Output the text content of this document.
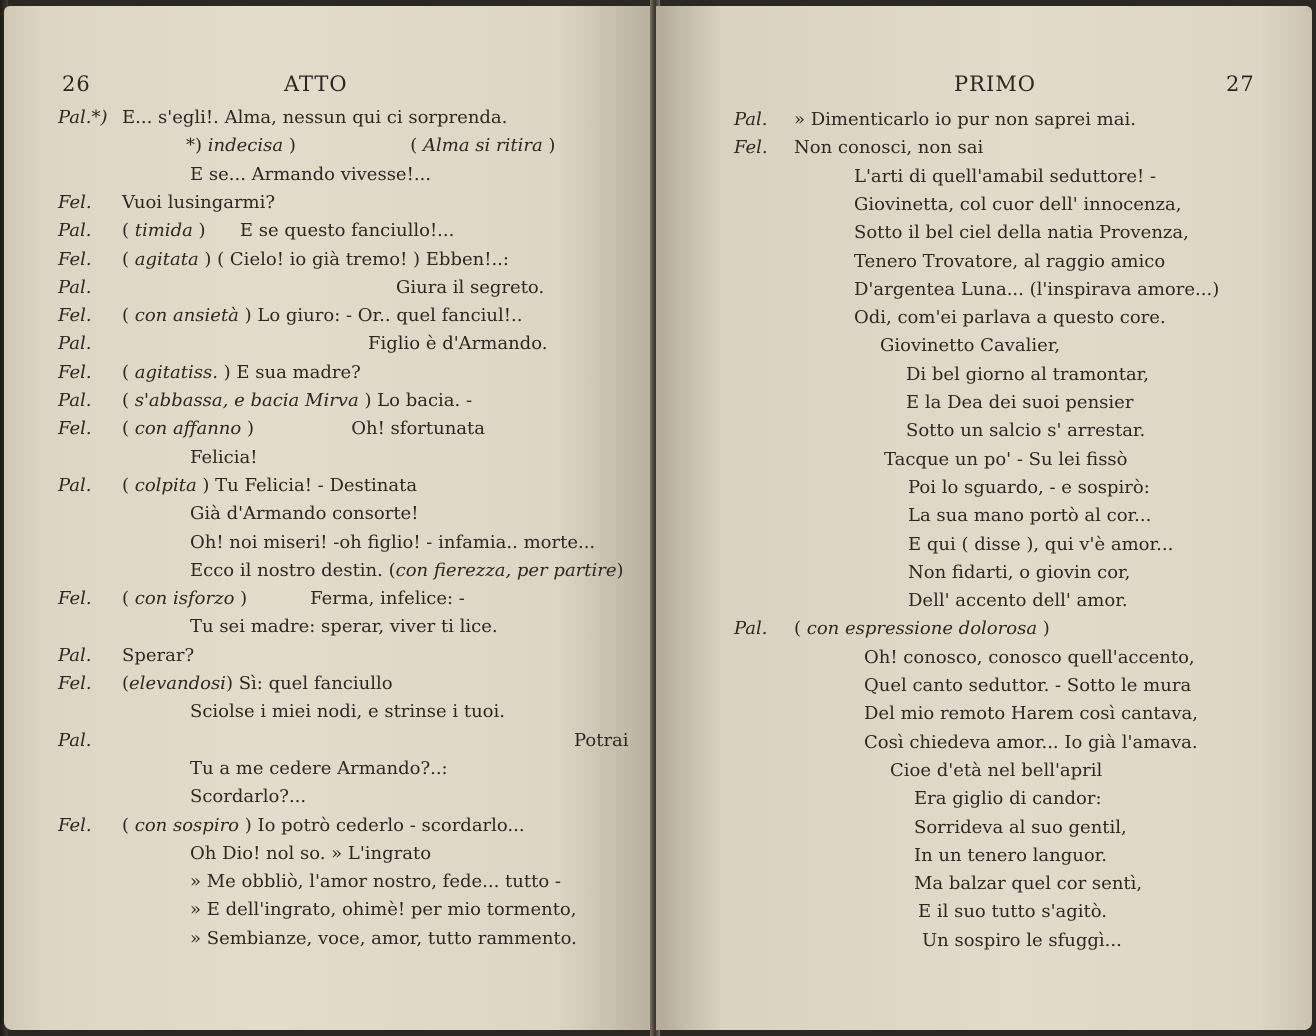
26	ATTO
Pal.*) E... s'egli!. Alma, nessun qui ci sorprenda.
*) indecisa )                    ( Alma si ritira )
E se... Armando vivesse!...
Fel. Vuoi lusingarmi?
Pal. ( timida )      E se questo fanciullo!...
Fel. ( agitata ) ( Cielo! io già tremo! ) Ebben!..:
Pal.	Giura il segreto.
Fel. ( con ansietà ) Lo giuro: - Or.. quel fanciul!..
Pal.	Figlio è d'Armando.
Fel. ( agitatiss. ) E sua madre?
Pal. ( s'abbassa, e bacia Mirva ) Lo bacia. -
Fel. ( con affanno )                 Oh! sfortunata
Felicia!
Pal. ( colpita ) Tu Felicia! - Destinata
Già d'Armando consorte!
Oh! noi miseri! -oh figlio! - infamia.. morte...
Ecco il nostro destin. (con fierezza, per partire)
Fel. ( con isforzo )           Ferma, infelice: -
Tu sei madre: sperar, viver ti lice.
Pal. Sperar?
Fel. (elevandosi) Sì: quel fanciullo
Sciolse i miei nodi, e strinse i tuoi.
Pal.	Potrai
Tu a me cedere Armando?..:
Scordarlo?...
Fel. ( con sospiro ) Io potrò cederlo - scordarlo...
Oh Dio! nol so. » L'ingrato
» Me obbliò, l'amor nostro, fede... tutto -
» E dell'ingrato, ohimè! per mio tormento,
» Sembianze, voce, amor, tutto rammento.
PRIMO	27
Pal. » Dimenticarlo io pur non saprei mai.
Fel. Non conosci, non sai
L'arti di quell'amabil seduttore! -
Giovinetta, col cuor dell' innocenza,
Sotto il bel ciel della natia Provenza,
Tenero Trovatore, al raggio amico
D'argentea Luna... (l'inspirava amore...)
Odi, com'ei parlava a questo core.
Giovinetto Cavalier,
Di bel giorno al tramontar,
E la Dea dei suoi pensier
Sotto un salcio s' arrestar.
Tacque un po' - Su lei fissò
Poi lo sguardo, - e sospirò:
La sua mano portò al cor...
E qui ( disse ), qui v'è amor...
Non fidarti, o giovin cor,
Dell' accento dell' amor.
Pal. ( con espressione dolorosa )
Oh! conosco, conosco quell'accento,
Quel canto seduttor. - Sotto le mura
Del mio remoto Harem così cantava,
Così chiedeva amor... Io già l'amava.
Cioe d'età nel bell'april
Era giglio di candor:
Sorrideva al suo gentil,
In un tenero languor.
Ma balzar quel cor sentì,
E il suo tutto s'agitò.
Un sospiro le sfuggì...
